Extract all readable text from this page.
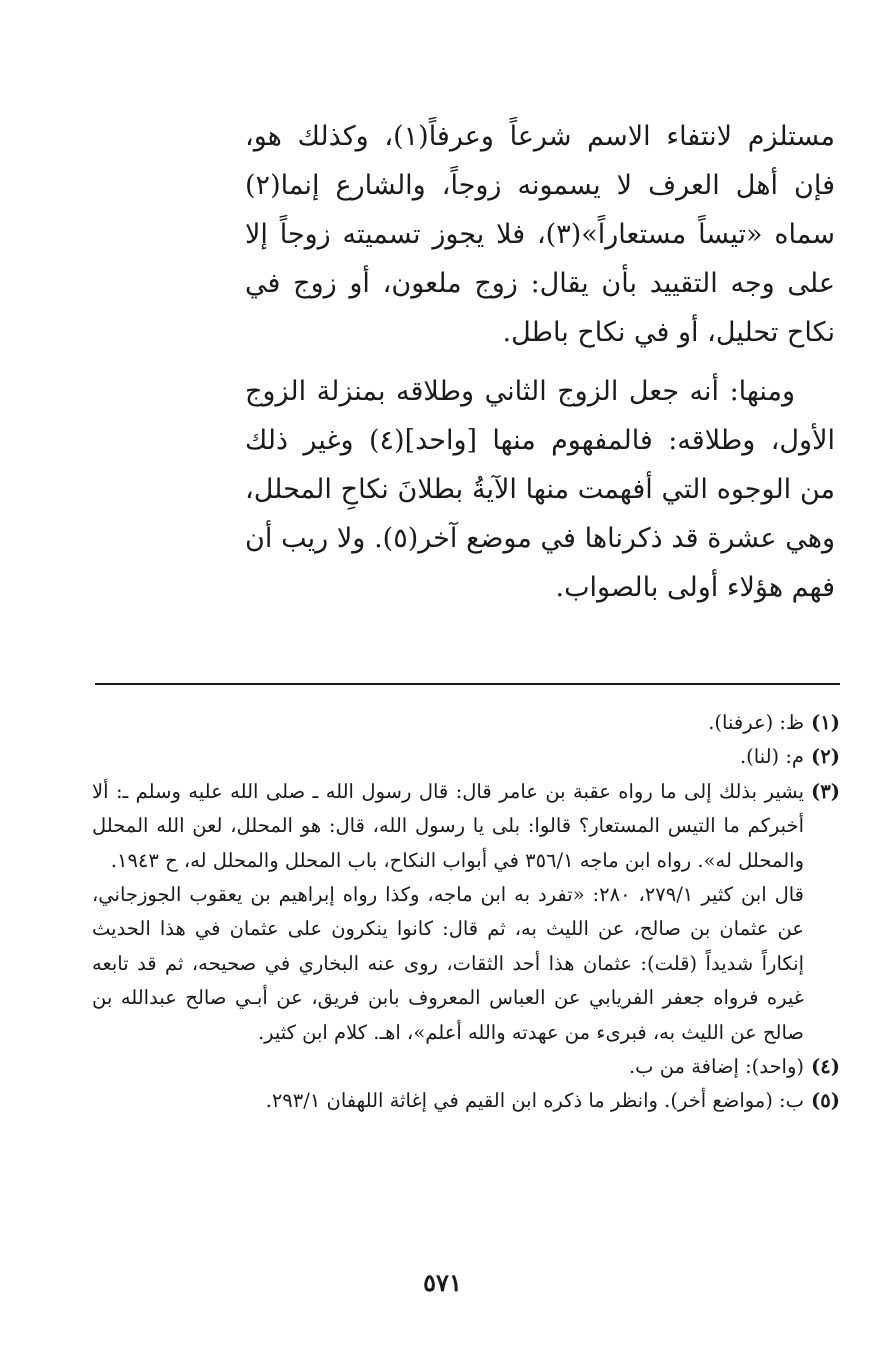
مستلزم لانتفاء الاسم شرعاً وعرفاً(١)، وكذلك هو، فإن أهل العرف لا يسمونه زوجاً، والشارع إنما(٢) سماه «تيساً مستعاراً»(٣)، فلا يجوز تسميته زوجاً إلا على وجه التقييد بأن يقال: زوج ملعون، أو زوج في نكاح تحليل، أو في نكاح باطل.

ومنها: أنه جعل الزوج الثاني وطلاقه بمنزلة الزوج الأول، وطلاقه: فالمفهوم منها [واحد](٤) وغير ذلك من الوجوه التي أفهمت منها الآيةُ بطلانَ نكاحِ المحلل، وهي عشرة قد ذكرناها في موضع آخر(٥). ولا ريب أن فهم هؤلاء أولى بالصواب.

(١)

ظ: (عرفنا).

(٢)

م: (لنا).

(٣)

يشير بذلك إلى ما رواه عقبة بن عامر قال: قال رسول الله ـ صلى الله عليه وسلم ـ: ألا أخبركم ما التيس المستعار؟ قالوا: بلى يا رسول الله، قال: هو المحلل، لعن الله المحلل والمحلل له». رواه ابن ماجه ٣٥٦/١ في أبواب النكاح، باب المحلل والمحلل له، ح ١٩٤٣.

قال ابن كثير ٢٧٩/١، ٢٨٠: «تفرد به ابن ماجه، وكذا رواه إبراهيم بن يعقوب الجوزجاني، عن عثمان بن صالح، عن الليث به، ثم قال: كانوا ينكرون على عثمان في هذا الحديث إنكاراً شديداً (قلت): عثمان هذا أحد الثقات، روى عنه البخاري في صحيحه، ثم قد تابعه غيره فرواه جعفر الفريابي عن العباس المعروف بابن فريق، عن أبـي صالح عبدالله بن صالح عن الليث به، فبرىء من عهدته والله أعلم»، اهـ. كلام ابن كثير.

(٤)

(واحد): إضافة من ب.

(٥)

ب: (مواضع أخر). وانظر ما ذكره ابن القيم في إغاثة اللهفان ٢٩٣/١.

٥٧١
